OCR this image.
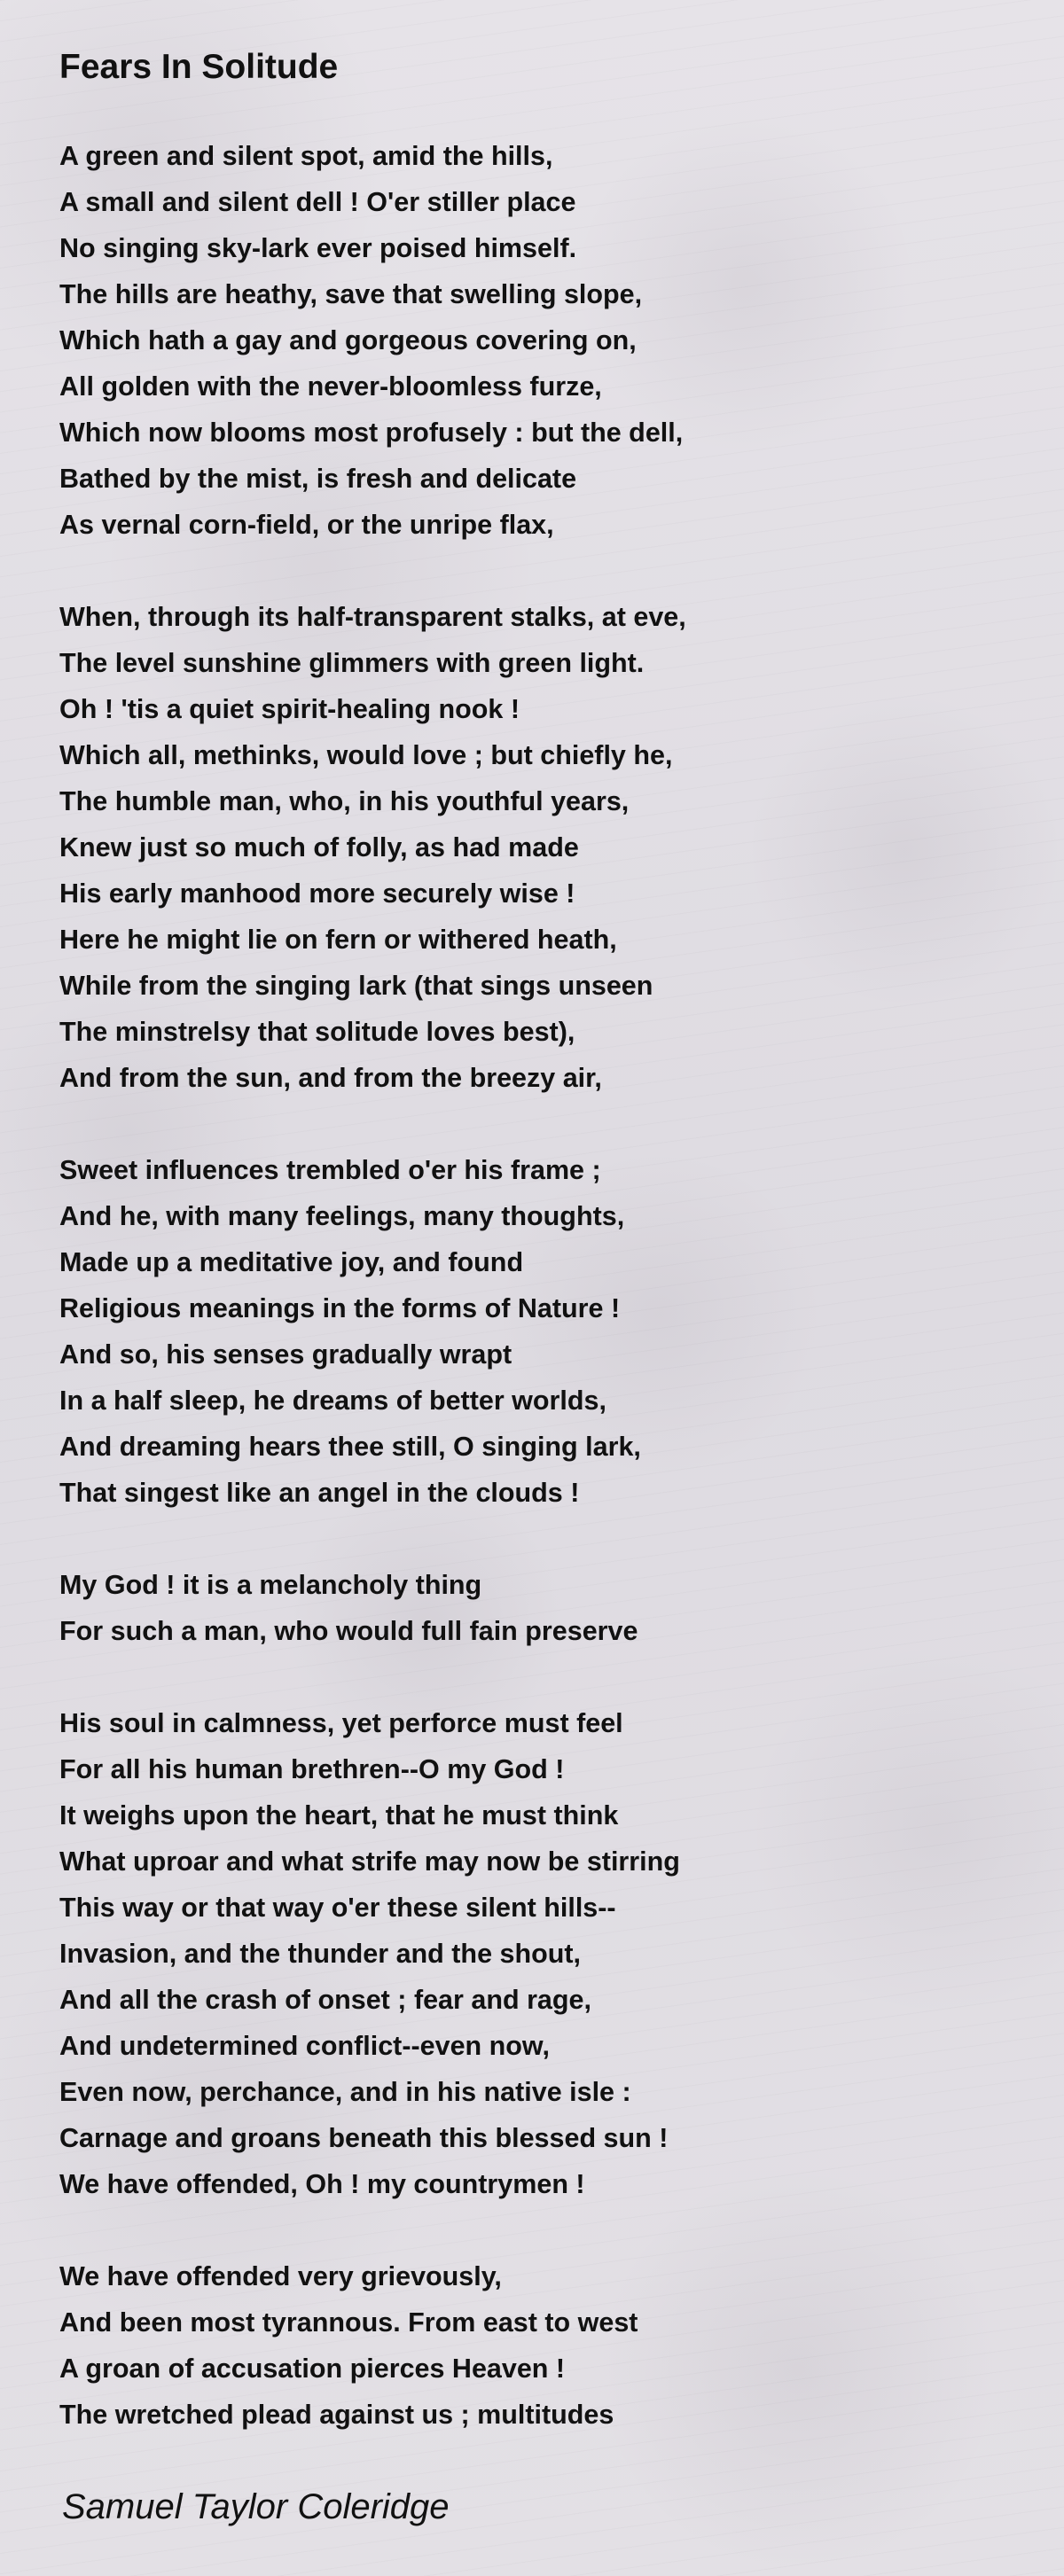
Fears In Solitude
A green and silent spot, amid the hills,
A small and silent dell ! O'er stiller place
No singing sky-lark ever poised himself.
The hills are heathy, save that swelling slope,
Which hath a gay and gorgeous covering on,
All golden with the never-bloomless furze,
Which now blooms most profusely : but the dell,
Bathed by the mist, is fresh and delicate
As vernal corn-field, or the unripe flax,
When, through its half-transparent stalks, at eve,
The level sunshine glimmers with green light.
Oh ! 'tis a quiet spirit-healing nook !
Which all, methinks, would love ; but chiefly he,
The humble man, who, in his youthful years,
Knew just so much of folly, as had made
His early manhood more securely wise !
Here he might lie on fern or withered heath,
While from the singing lark (that sings unseen
The minstrelsy that solitude loves best),
And from the sun, and from the breezy air,
Sweet influences trembled o'er his frame ;
And he, with many feelings, many thoughts,
Made up a meditative joy, and found
Religious meanings in the forms of Nature !
And so, his senses gradually wrapt
In a half sleep, he dreams of better worlds,
And dreaming hears thee still, O singing lark,
That singest like an angel in the clouds !
My God ! it is a melancholy thing
For such a man, who would full fain preserve
His soul in calmness, yet perforce must feel
For all his human brethren--O my God !
It weighs upon the heart, that he must think
What uproar and what strife may now be stirring
This way or that way o'er these silent hills--
Invasion, and the thunder and the shout,
And all the crash of onset ; fear and rage,
And undetermined conflict--even now,
Even now, perchance, and in his native isle :
Carnage and groans beneath this blessed sun !
We have offended, Oh ! my countrymen !
We have offended very grievously,
And been most tyrannous. From east to west
A groan of accusation pierces Heaven !
The wretched plead against us ; multitudes

Samuel Taylor Coleridge
